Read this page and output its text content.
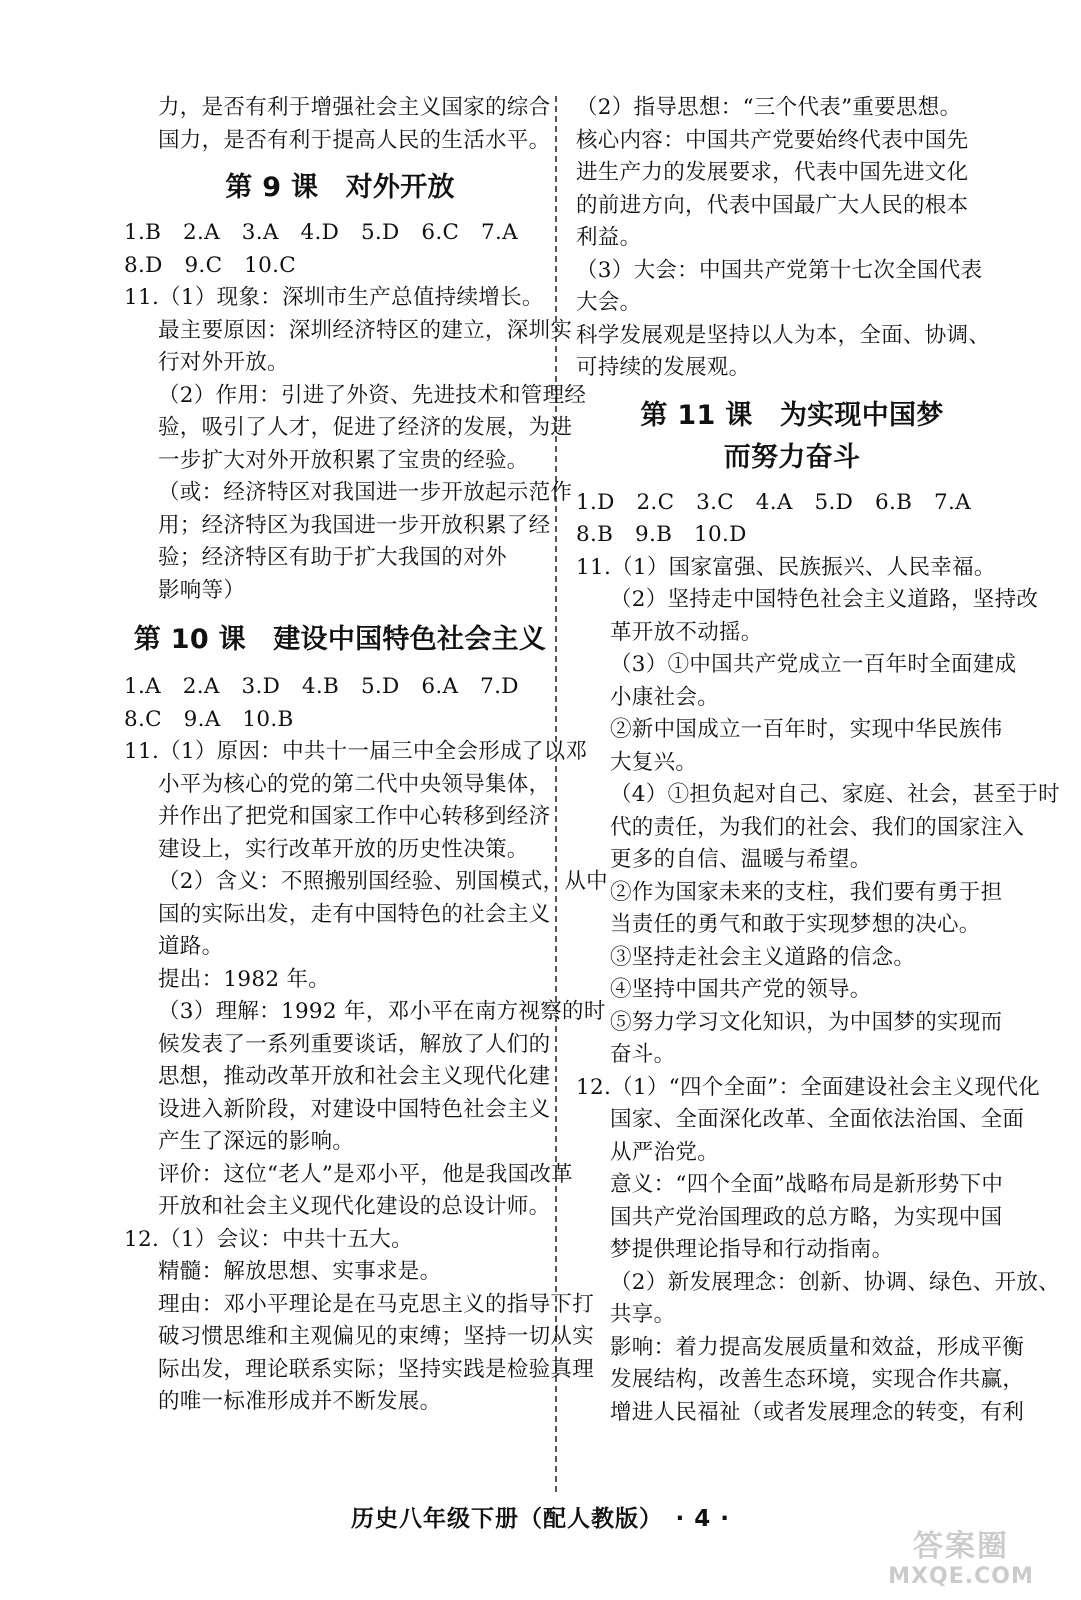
力，是否有利于增强社会主义国家的综合
国力，是否有利于提高人民的生活水平。
第 9 课　对外开放
1.B　2.A　3.A　4.D　5.D　6.C　7.A
8.D　9.C　10.C
11.（1）现象：深圳市生产总值持续增长。
最主要原因：深圳经济特区的建立，深圳实
行对外开放。
（2）作用：引进了外资、先进技术和管理经
验，吸引了人才，促进了经济的发展，为进
一步扩大对外开放积累了宝贵的经验。
（或：经济特区对我国进一步开放起示范作
用；经济特区为我国进一步开放积累了经
验；经济特区有助于扩大我国的对外
影响等）
第 10 课　建设中国特色社会主义
1.A　2.A　3.D　4.B　5.D　6.A　7.D
8.C　9.A　10.B
11.（1）原因：中共十一届三中全会形成了以邓
小平为核心的党的第二代中央领导集体，
并作出了把党和国家工作中心转移到经济
建设上，实行改革开放的历史性决策。
（2）含义：不照搬别国经验、别国模式，从中
国的实际出发，走有中国特色的社会主义
道路。
提出：1982 年。
（3）理解：1992 年，邓小平在南方视察的时
候发表了一系列重要谈话，解放了人们的
思想，推动改革开放和社会主义现代化建
设进入新阶段，对建设中国特色社会主义
产生了深远的影响。
评价：这位“老人”是邓小平，他是我国改革
开放和社会主义现代化建设的总设计师。
12.（1）会议：中共十五大。
精髓：解放思想、实事求是。
理由：邓小平理论是在马克思主义的指导下打
破习惯思维和主观偏见的束缚；坚持一切从实
际出发，理论联系实际；坚持实践是检验真理
的唯一标准形成并不断发展。
（2）指导思想：“三个代表”重要思想。
核心内容：中国共产党要始终代表中国先
进生产力的发展要求，代表中国先进文化
的前进方向，代表中国最广大人民的根本
利益。
（3）大会：中国共产党第十七次全国代表
大会。
科学发展观是坚持以人为本，全面、协调、
可持续的发展观。
第 11 课　为实现中国梦
而努力奋斗
1.D　2.C　3.C　4.A　5.D　6.B　7.A
8.B　9.B　10.D
11.（1）国家富强、民族振兴、人民幸福。
（2）坚持走中国特色社会主义道路，坚持改
革开放不动摇。
（3）①中国共产党成立一百年时全面建成
小康社会。
②新中国成立一百年时，实现中华民族伟
大复兴。
（4）①担负起对自己、家庭、社会，甚至于时
代的责任，为我们的社会、我们的国家注入
更多的自信、温暖与希望。
②作为国家未来的支柱，我们要有勇于担
当责任的勇气和敢于实现梦想的决心。
③坚持走社会主义道路的信念。
④坚持中国共产党的领导。
⑤努力学习文化知识，为中国梦的实现而
奋斗。
12.（1）“四个全面”：全面建设社会主义现代化
国家、全面深化改革、全面依法治国、全面
从严治党。
意义：“四个全面”战略布局是新形势下中
国共产党治国理政的总方略，为实现中国
梦提供理论指导和行动指南。
（2）新发展理念：创新、协调、绿色、开放、
共享。
影响：着力提高发展质量和效益，形成平衡
发展结构，改善生态环境，实现合作共赢，
增进人民福祉（或者发展理念的转变，有利
历史八年级下册（配人教版）　· 4 ·
答案圈
MXQE.COM
